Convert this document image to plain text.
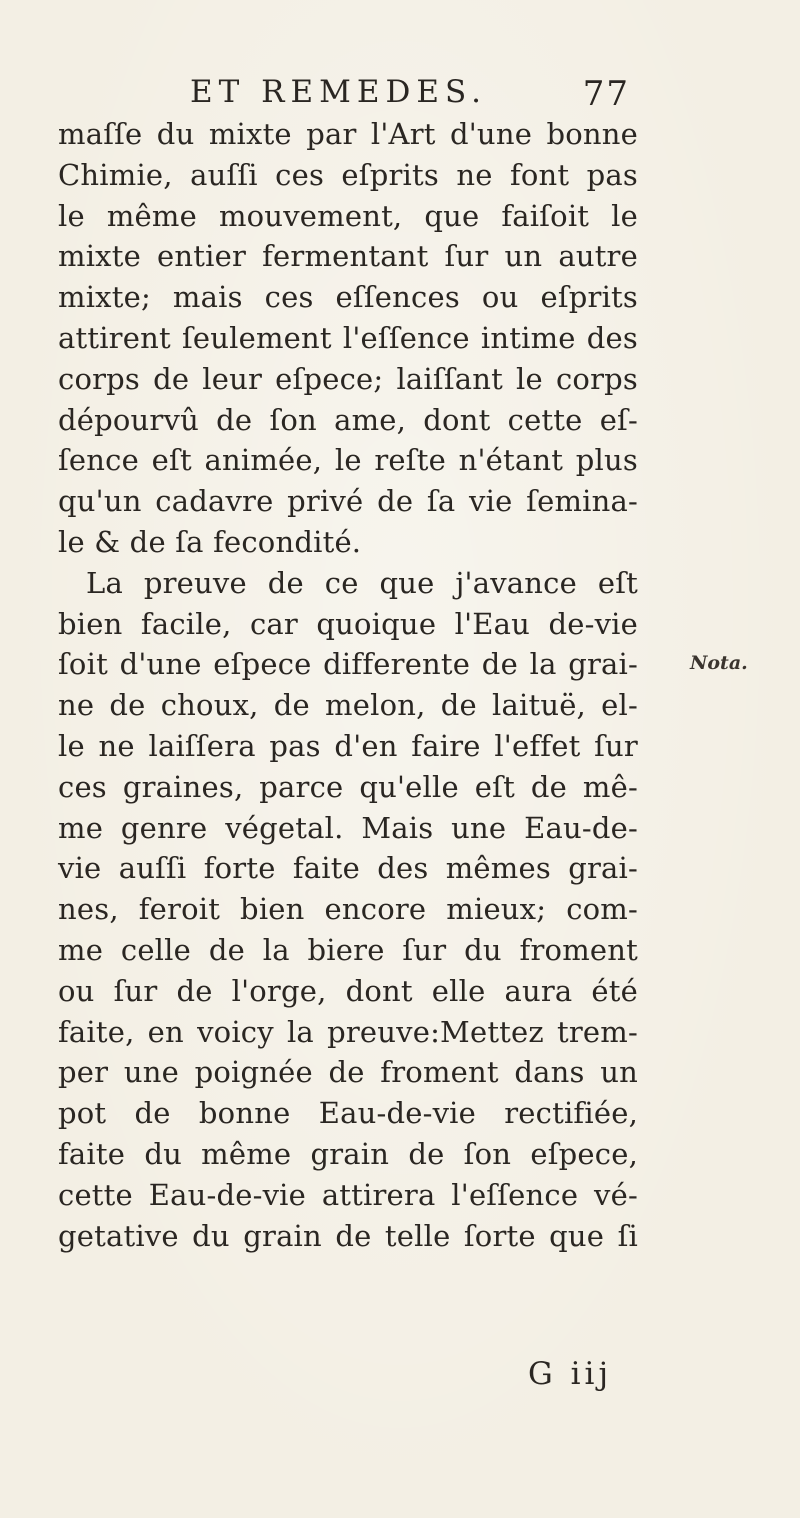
ET REMEDES.	77
maſſe du mixte par l'Art d'une bonne
Chimie, auſſi ces eſprits ne font pas
le même mouvement, que faiſoit le
mixte entier fermentant ſur un autre
mixte; mais ces eſſences ou eſprits
attirent ſeulement l'eſſence intime des
corps de leur eſpece; laiſſant le corps
dépourvû de ſon ame, dont cette eſ-
ſence eſt animée, le reſte n'étant plus
qu'un cadavre privé de ſa vie ſemina-
le & de ſa fecondité.
La preuve de ce que j'avance eſt
bien facile, car quoique l'Eau de-vie
ſoit d'une eſpece differente de la grai-
ne de choux, de melon, de laituë, el-
le ne laiſſera pas d'en faire l'effet ſur
ces graines, parce qu'elle eſt de mê-
me genre végetal. Mais une Eau-de-
vie auſſi forte faite des mêmes grai-
nes, feroit bien encore mieux; com-
me celle de la biere ſur du froment
ou ſur de l'orge, dont elle aura été
faite, en voicy la preuve:Mettez trem-
per une poignée de froment dans un
pot de bonne Eau-de-vie rectifiée,
faite du même grain de ſon eſpece,
cette Eau-de-vie attirera l'eſſence vé-
getative du grain de telle ſorte que ſi
Nota.
G iij
